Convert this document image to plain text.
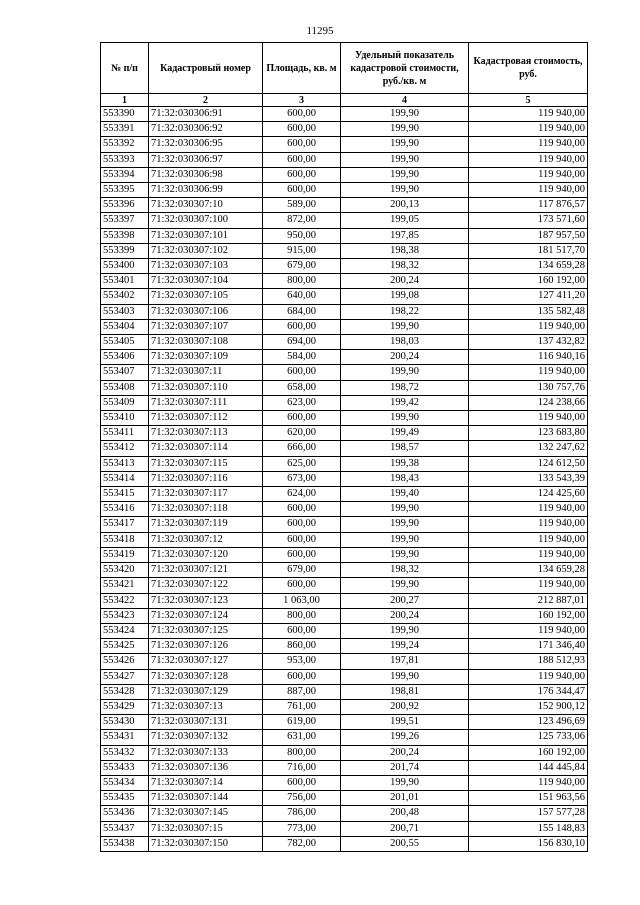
11295
№ п/п	Кадастровый номер	Площадь, кв. м	Удельный показатель кадастровой стоимости, руб./кв. м	Кадастровая стоимость, руб.
1	2	3	4	5
553390	71:32:030306:91	600,00	199,90	119 940,00
553391	71:32:030306:92	600,00	199,90	119 940,00
553392	71:32:030306:95	600,00	199,90	119 940,00
553393	71:32:030306:97	600,00	199,90	119 940,00
553394	71:32:030306:98	600,00	199,90	119 940,00
553395	71:32:030306:99	600,00	199,90	119 940,00
553396	71:32:030307:10	589,00	200,13	117 876,57
553397	71:32:030307:100	872,00	199,05	173 571,60
553398	71:32:030307:101	950,00	197,85	187 957,50
553399	71:32:030307:102	915,00	198,38	181 517,70
553400	71:32:030307:103	679,00	198,32	134 659,28
553401	71:32:030307:104	800,00	200,24	160 192,00
553402	71:32:030307:105	640,00	199,08	127 411,20
553403	71:32:030307:106	684,00	198,22	135 582,48
553404	71:32:030307:107	600,00	199,90	119 940,00
553405	71:32:030307:108	694,00	198,03	137 432,82
553406	71:32:030307:109	584,00	200,24	116 940,16
553407	71:32:030307:11	600,00	199,90	119 940,00
553408	71:32:030307:110	658,00	198,72	130 757,76
553409	71:32:030307:111	623,00	199,42	124 238,66
553410	71:32:030307:112	600,00	199,90	119 940,00
553411	71:32:030307:113	620,00	199,49	123 683,80
553412	71:32:030307:114	666,00	198,57	132 247,62
553413	71:32:030307:115	625,00	199,38	124 612,50
553414	71:32:030307:116	673,00	198,43	133 543,39
553415	71:32:030307:117	624,00	199,40	124 425,60
553416	71:32:030307:118	600,00	199,90	119 940,00
553417	71:32:030307:119	600,00	199,90	119 940,00
553418	71:32:030307:12	600,00	199,90	119 940,00
553419	71:32:030307:120	600,00	199,90	119 940,00
553420	71:32:030307:121	679,00	198,32	134 659,28
553421	71:32:030307:122	600,00	199,90	119 940,00
553422	71:32:030307:123	1 063,00	200,27	212 887,01
553423	71:32:030307:124	800,00	200,24	160 192,00
553424	71:32:030307:125	600,00	199,90	119 940,00
553425	71:32:030307:126	860,00	199,24	171 346,40
553426	71:32:030307:127	953,00	197,81	188 512,93
553427	71:32:030307:128	600,00	199,90	119 940,00
553428	71:32:030307:129	887,00	198,81	176 344,47
553429	71:32:030307:13	761,00	200,92	152 900,12
553430	71:32:030307:131	619,00	199,51	123 496,69
553431	71:32:030307:132	631,00	199,26	125 733,06
553432	71:32:030307:133	800,00	200,24	160 192,00
553433	71:32:030307:136	716,00	201,74	144 445,84
553434	71:32:030307:14	600,00	199,90	119 940,00
553435	71:32:030307:144	756,00	201,01	151 963,56
553436	71:32:030307:145	786,00	200,48	157 577,28
553437	71:32:030307:15	773,00	200,71	155 148,83
553438	71:32:030307:150	782,00	200,55	156 830,10
